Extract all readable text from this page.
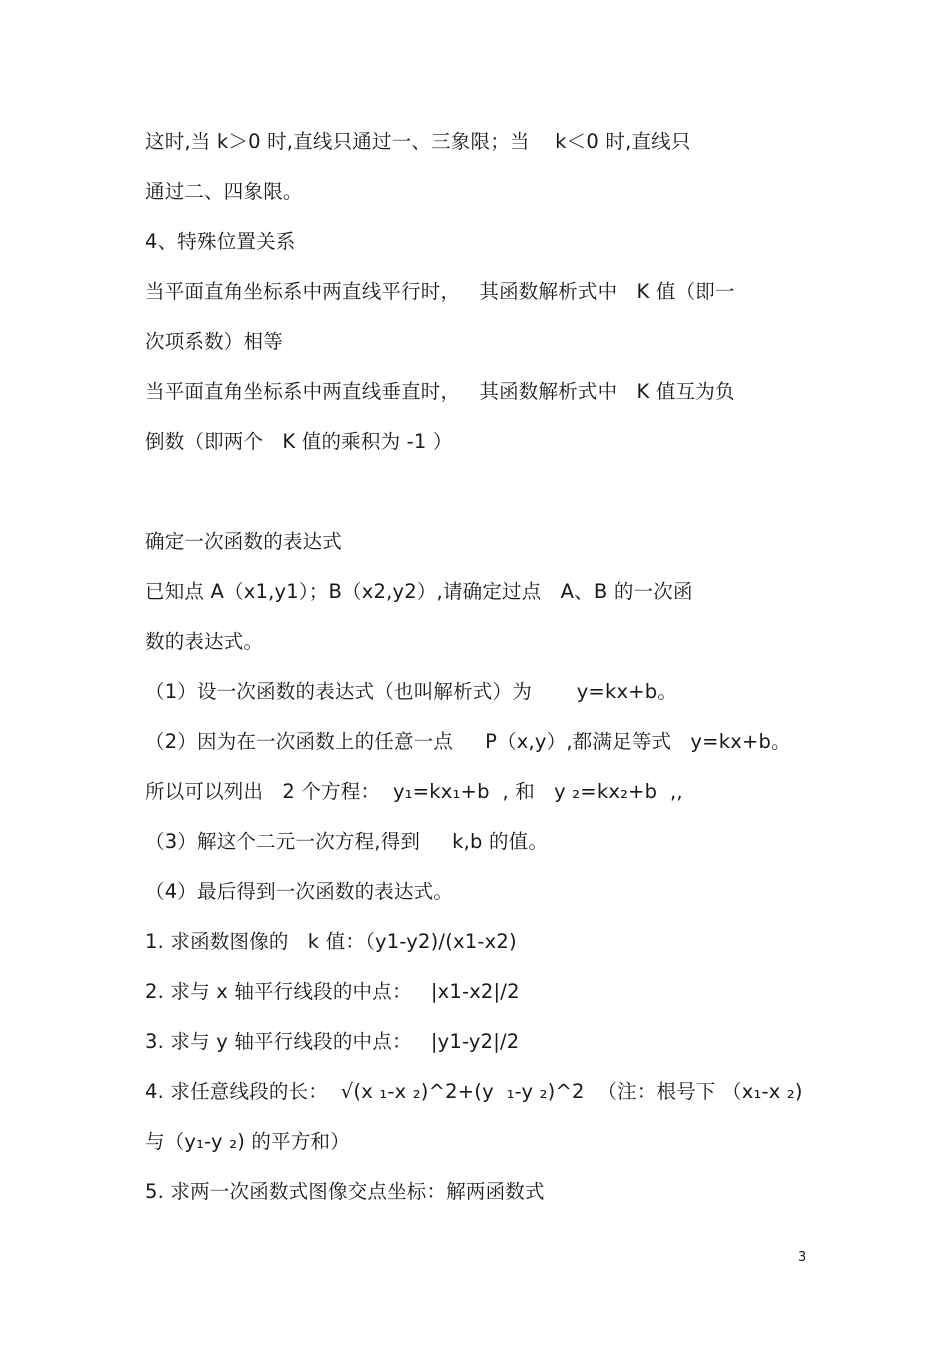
这时,当 k＞0 时,直线只通过一、三象限；当    k＜0 时,直线只
通过二、四象限。
4、特殊位置关系
当平面直角坐标系中两直线平行时，   其函数解析式中   K 值（即一
次项系数）相等
当平面直角坐标系中两直线垂直时，   其函数解析式中   K 值互为负
倒数（即两个   K 值的乘积为 -1 ）
确定一次函数的表达式
已知点 A（x1,y1）；B（x2,y2）,请确定过点   A、B 的一次函
数的表达式。
（1）设一次函数的表达式（也叫解析式）为       y=kx+b。
（2）因为在一次函数上的任意一点     P（x,y）,都满足等式   y=kx+b。
所以可以列出   2 个方程：  y₁=kx₁+b  , 和   y ₂=kx₂+b  ,,
（3）解这个二元一次方程,得到     k,b 的值。
（4）最后得到一次函数的表达式。
1. 求函数图像的   k 值：（y1-y2)/(x1-x2)
2. 求与 x 轴平行线段的中点：   |x1-x2|/2
3. 求与 y 轴平行线段的中点：   |y1-y2|/2
4. 求任意线段的长：  √(x ₁-x ₂)^2+(y  ₁-y ₂)^2  （注：根号下 （x₁-x ₂)
与（y₁-y ₂) 的平方和）
5. 求两一次函数式图像交点坐标：解两函数式
3
